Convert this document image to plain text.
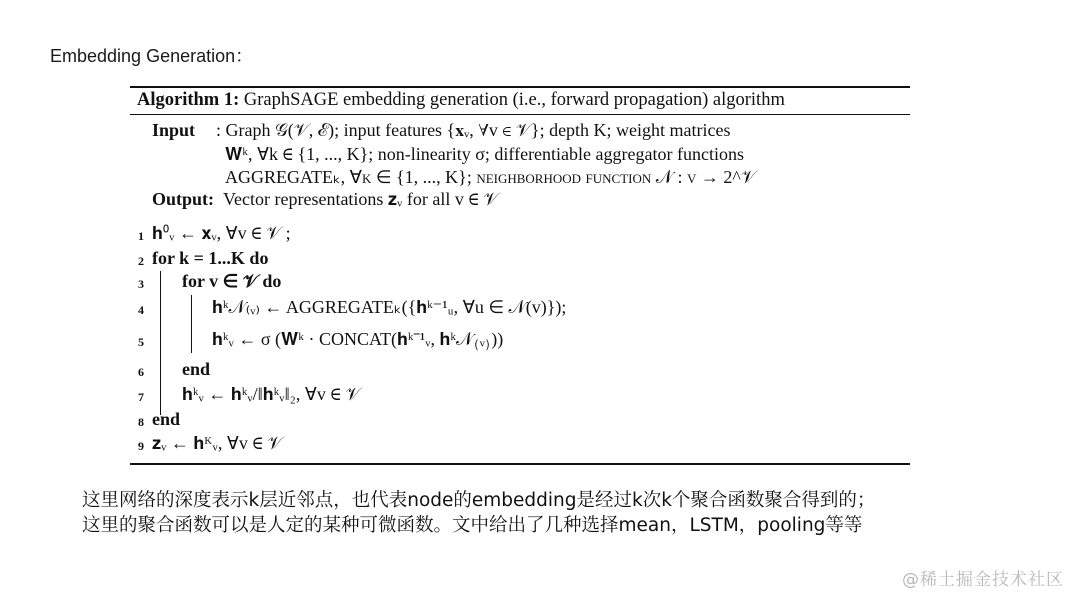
Embedding Generation：
Algorithm 1: GraphSAGE embedding generation (i.e., forward propagation) algorithm
Input : Graph 𝒢(𝒱, ℰ); input features {𝐱ᵥ, ∀v ∈ 𝒱}; depth K; weight matrices
𝐖ᵏ, ∀k ∈ {1, ..., K}; non-linearity σ; differentiable aggregator functions
AGGREGATEₖ, ∀k ∈ {1, ..., K}; neighborhood function 𝒩 : v → 2^𝒱
Output: Vector representations 𝐳ᵥ for all v ∈ 𝒱
1 𝐡⁰ᵥ ← 𝐱ᵥ, ∀v ∈ 𝒱 ;
2 for k = 1...K do
3 for v ∈ 𝒱 do
4	𝐡ᵏ𝒩₍ᵥ₎ ← AGGREGATEₖ({𝐡ᵏ⁻¹ᵤ, ∀u ∈ 𝒩(v)});
5	𝐡ᵏᵥ ← σ (𝐖ᵏ · CONCAT(𝐡ᵏ⁻¹ᵥ, 𝐡ᵏ𝒩₍ᵥ₎))
6 end
7 𝐡ᵏᵥ ← 𝐡ᵏᵥ/‖𝐡ᵏᵥ‖₂, ∀v ∈ 𝒱
8 end
9 𝐳ᵥ ← 𝐡ᴷᵥ, ∀v ∈ 𝒱
这里网络的深度表示k层近邻点，也代表node的embedding是经过k次k个聚合函数聚合得到的；
这里的聚合函数可以是人定的某种可微函数。文中给出了几种选择mean，LSTM，pooling等等
@稀土掘金技术社区
